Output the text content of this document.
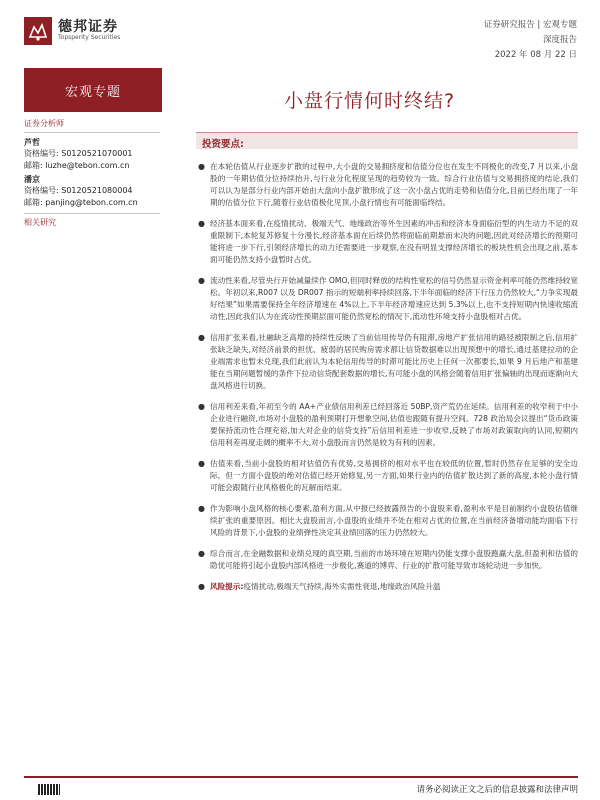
德邦证券
Topsperity Securities
证券研究报告 | 宏观专题
深度报告
2022 年 08 月 22 日
宏观专题	小盘行情何时终结?
证券分析师
芦哲
资格编号: S0120521070001
邮箱: luzhe@tebon.com.cn
潘京
资格编号: S0120521080004
邮箱: panjing@tebon.com.cn
相关研究
投资要点:
● 在本轮估值从行业逐步扩散的过程中,大小盘的交易拥挤度和估值分位也在发生不同极化的改变,7 月以来,小盘股的一年期估值分位持续抬升,与行业分化程度呈现的趋势较为一致。综合行业估值与交易拥挤度的结论,我们可以认为是部分行业内部开始由大盘向小盘扩散形成了这一次小盘占优的走势和估值分化,目前已经出现了一年期的估值分位下行,随着行业估值极化见顶,小盘行情也有可能面临终结。
● 经济基本面来看,在疫情扰动、极端天气、地缘政治等外生因素的冲击和经济本身面临衍型的内生动力不足的双重限制下,本轮复苏修复十分漫长,经济基本面在后续仍然将面临前期悬而未决的问题,因此对经济增长的预期可能将进一步下行,引领经济增长的动力还需要进一步观察,在没有明显支撑经济增长的板块性机会出现之前,基本面可能仍然支持小盘暂时占优。
● 流动性来看,尽管央行开始减量续作 OMO,但同时释放的结构性宽松的信号仍然显示资金利率可能仍然维持较宽松。年初以来,R007 以及 DR007 指示的短端利率持续回落,下半年面临的经济下行压力仍然较大,“力争实现最好结果”如果需要保持全年经济增速在 4%以上,下半年经济增速应达到 5.3%以上,也不支持短期内快速收缩流动性,因此我们认为在流动性预期层面可能仍然宽松的情况下,流动性环境支持小盘股相对占优。
● 信用扩张来看,社融缺乏高增的持续性反映了当前信用传导仍有阻滞,房地产扩张信用的路径被限制之后,信用扩张缺乏缺失,对经济前景的担忧、疲弱的居民购房需求都让信贷数据难以出现预想中的增长,通过基建拉动的企业端需求也暂未兑现,我们此前认为本轮信用传导的时滞可能比历史上任何一次都要长,如果 9 月后地产和基建能在当期问题暂缓的条件下拉动信贷配套数据的增长,有可能小盘的风格会随着信用扩张偏轴的出现而逐渐向大盘风格进行切换。
● 信用利差来看,年初至今的 AA+产业债信用利差已经回落近 50BP,资产荒仍在延续。信用利差的收窄利于中小企业进行融资,市场对小盘股的盈利预期打开想象空间,估值也跟随有提升空间。728 政治局会议提出“货币政策要保持流动性合理充裕,加大对企业的信贷支持”后信用利差进一步收窄,反映了市场对政策取向的认同,短期内信用利差再度走阔的概率不大,对小盘股而言仍然是较为有利的因素。
● 估值来看,当前小盘股的相对估值仍有优势,交易拥挤的相对水平也在较低的位置,暂时仍然存在足够的安全边际。但一方面小盘股的绝对估值已经开始修复,另一方面,如果行业内的估值扩散达到了新的高度,本轮小盘行情可能会跟随行业风格极化的瓦解而结束。
● 作为影响小盘风格的核心要素,盈利方面,从中报已经披露预告的小盘股来看,盈利水平是目前制约小盘股估值继续扩张的重要原因。相比大盘股而言,小盘股的业绩并不处在相对占优的位置,在当前经济备增动能均面临下行风险的背景下,小盘股的业绩弹性决定其业绩回落的压力仍然较大。
● 综合而言,在金融数据和业绩兑现的真空期,当前的市场环境在短期内仍能支撑小盘股跑赢大盘,但盈利和估值的隐忧可能将引起小盘股内部风格进一步极化,赛道的博弈、行业的扩散可能导致市场轮动进一步加快。
● 风险提示:疫情扰动,极端天气持续,海外实需性衰退,地缘政治风险升温
请务必阅读正文之后的信息披露和法律声明
